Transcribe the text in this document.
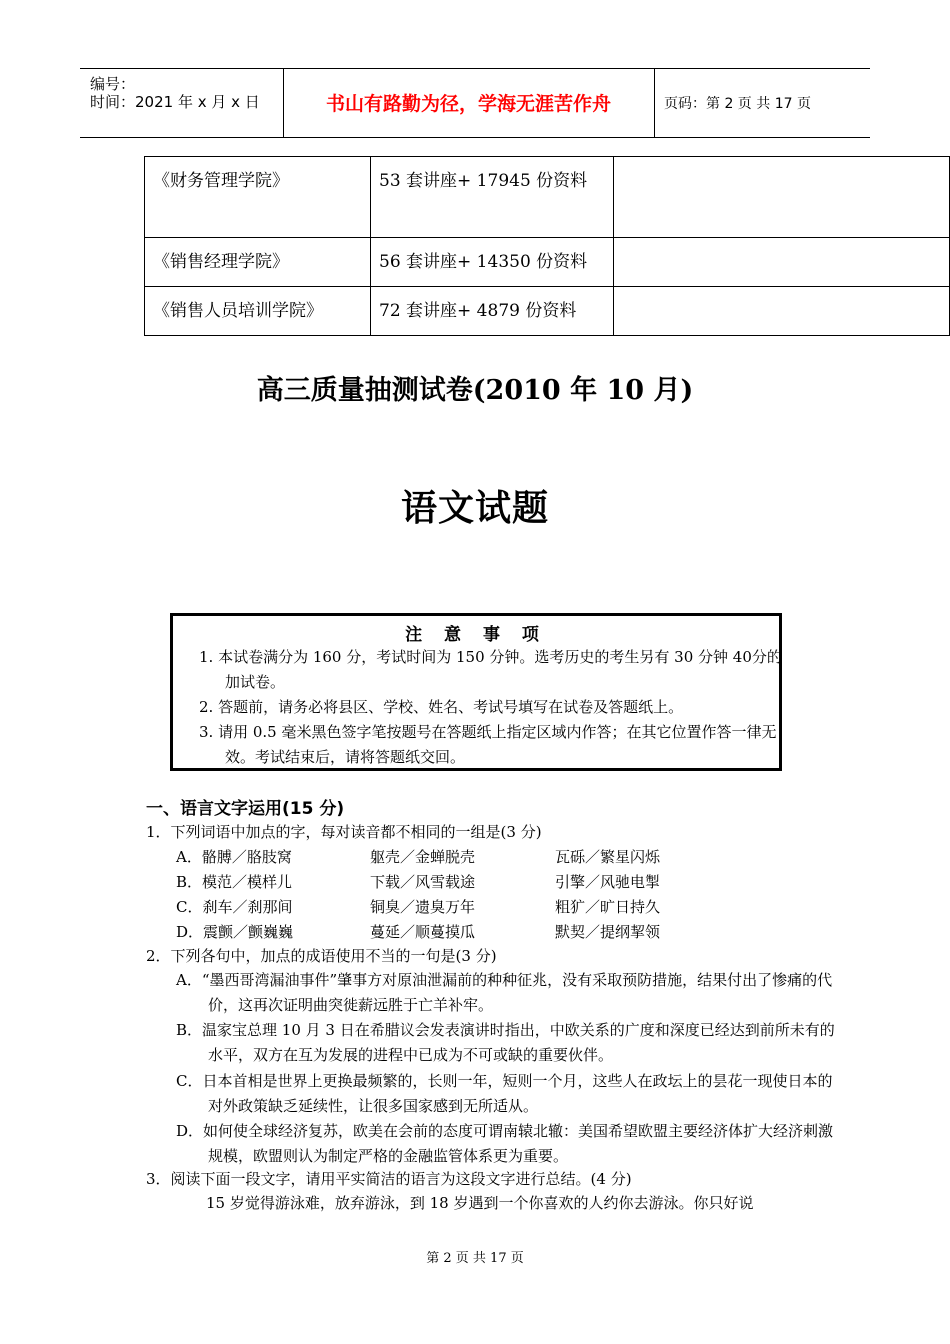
编号：
时间：2021 年 x 月 x 日	书山有路勤为径，学海无涯苦作舟	页码：第 2 页 共 17 页
《财务管理学院》	53 套讲座+ 17945 份资料	
《销售经理学院》	56 套讲座+ 14350 份资料	
《销售人员培训学院》	72 套讲座+ 4879 份资料	
高三质量抽测试卷(2010 年 10 月)
语文试题
注 意 事 项
1. 本试卷满分为 160 分，考试时间为 150 分钟。选考历史的考生另有 30 分钟 40分的加试卷。
2. 答题前，请务必将县区、学校、姓名、考试号填写在试卷及答题纸上。
3. 请用 0.5 毫米黑色签字笔按题号在答题纸上指定区域内作答；在其它位置作答一律无效。考试结束后，请将答题纸交回。
一、语言文字运用(15 分)
1．下列词语中加点的字，每对读音都不相同的一组是(3 分)
A．骼膊／胳肢窝	躯壳／金蝉脱壳	瓦砾／繁星闪烁
B．模范／模样儿	下载／风雪载途	引擎／风驰电掣
C．刹车／刹那间	铜臭／遗臭万年	粗犷／旷日持久
D．震颤／颤巍巍	蔓延／顺蔓摸瓜	默契／提纲挈领
2．下列各句中，加点的成语使用不当的一句是(3 分)
A．“墨西哥湾漏油事件”肇事方对原油泄漏前的种种征兆，没有采取预防措施，结果付出了惨痛的代价，这再次证明曲突徙薪远胜于亡羊补牢。
B．温家宝总理 10 月 3 日在希腊议会发表演讲时指出，中欧关系的广度和深度已经达到前所未有的水平，双方在互为发展的进程中已成为不可或缺的重要伙伴。
C．日本首相是世界上更换最频繁的，长则一年，短则一个月，这些人在政坛上的昙花一现使日本的对外政策缺乏延续性，让很多国家感到无所适从。
D．如何使全球经济复苏，欧美在会前的态度可谓南辕北辙：美国希望欧盟主要经济体扩大经济刺激规模，欧盟则认为制定严格的金融监管体系更为重要。
3．阅读下面一段文字，请用平实简洁的语言为这段文字进行总结。(4 分)
15 岁觉得游泳难，放弃游泳，到 18 岁遇到一个你喜欢的人约你去游泳。你只好说
第 2 页 共 17 页
